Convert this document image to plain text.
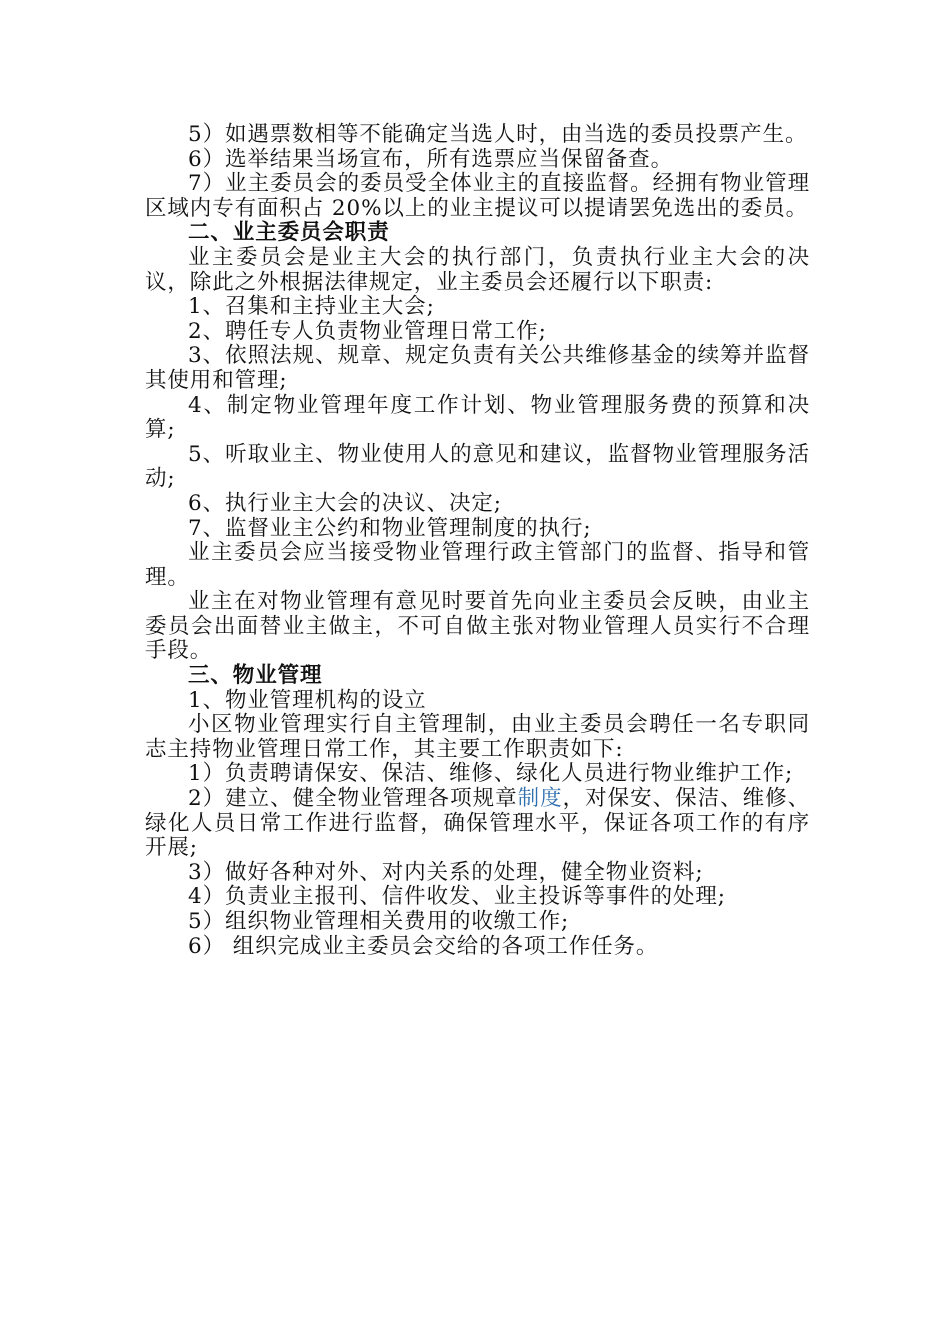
5）如遇票数相等不能确定当选人时，由当选的委员投票产生。

6）选举结果当场宣布，所有选票应当保留备查。

7）业主委员会的委员受全体业主的直接监督。经拥有物业管理区域内专有面积占 20%以上的业主提议可以提请罢免选出的委员。

二、业主委员会职责

业主委员会是业主大会的执行部门，负责执行业主大会的决议，除此之外根据法律规定，业主委员会还履行以下职责:

1、召集和主持业主大会;

2、聘任专人负责物业管理日常工作;

3、依照法规、规章、规定负责有关公共维修基金的续筹并监督其使用和管理;

4、制定物业管理年度工作计划、物业管理服务费的预算和决算;

5、听取业主、物业使用人的意见和建议，监督物业管理服务活动;

6、执行业主大会的决议、决定;

7、监督业主公约和物业管理制度的执行;

业主委员会应当接受物业管理行政主管部门的监督、指导和管理。

业主在对物业管理有意见时要首先向业主委员会反映，由业主委员会出面替业主做主，不可自做主张对物业管理人员实行不合理手段。

三、物业管理

1、物业管理机构的设立

小区物业管理实行自主管理制，由业主委员会聘任一名专职同志主持物业管理日常工作，其主要工作职责如下:

1）负责聘请保安、保洁、维修、绿化人员进行物业维护工作;

2）建立、健全物业管理各项规章制度，对保安、保洁、维修、绿化人员日常工作进行监督，确保管理水平，保证各项工作的有序开展;

3）做好各种对外、对内关系的处理，健全物业资料;

4）负责业主报刊、信件收发、业主投诉等事件的处理;

5）组织物业管理相关费用的收缴工作;

6） 组织完成业主委员会交给的各项工作任务。
